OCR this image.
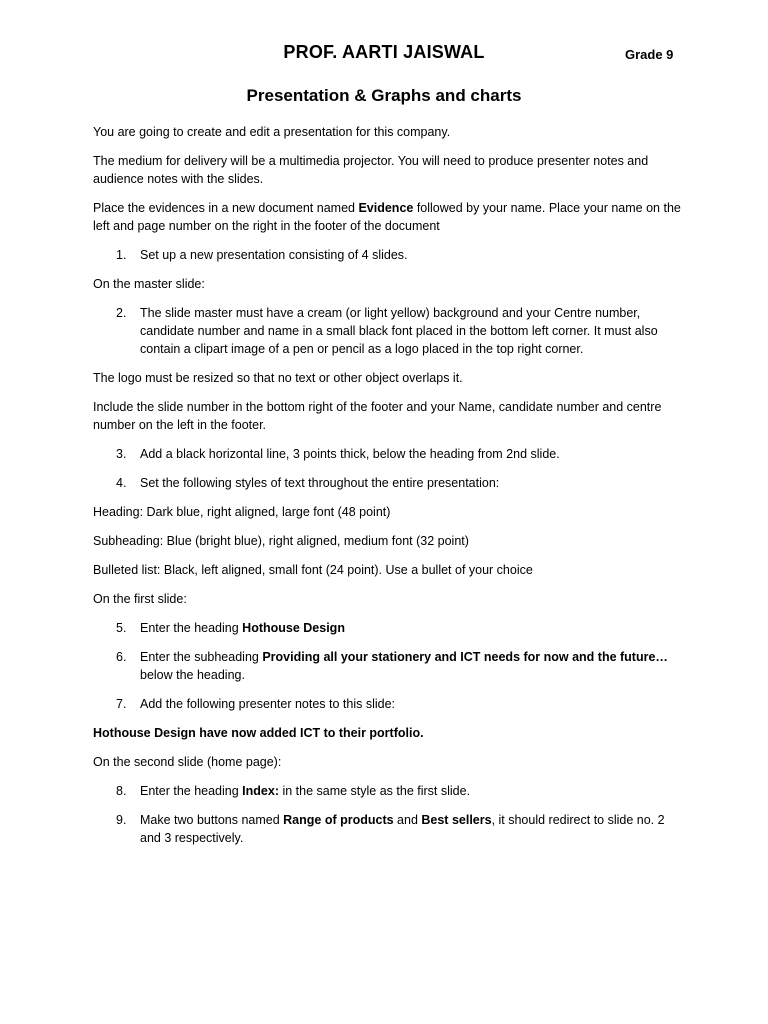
PROF. AARTI JAISWAL	Grade 9
Presentation & Graphs and charts

You are going to create and edit a presentation for this company.

The medium for delivery will be a multimedia projector. You will need to produce presenter notes and audience notes with the slides.

Place the evidences in a new document named Evidence followed by your name. Place your name on the left and page number on the right in the footer of the document

1. Set up a new presentation consisting of 4 slides.

On the master slide:

2. The slide master must have a cream (or light yellow) background and your Centre number, candidate number and name in a small black font placed in the bottom left corner. It must also contain a clipart image of a pen or pencil as a logo placed in the top right corner.

The logo must be resized so that no text or other object overlaps it.

Include the slide number in the bottom right of the footer and your Name, candidate number and centre number on the left in the footer.

3. Add a black horizontal line, 3 points thick, below the heading from 2nd slide.
4. Set the following styles of text throughout the entire presentation:

Heading: Dark blue, right aligned, large font (48 point)

Subheading: Blue (bright blue), right aligned, medium font (32 point)

Bulleted list: Black, left aligned, small font (24 point). Use a bullet of your choice

On the first slide:

5. Enter the heading Hothouse Design
6. Enter the subheading Providing all your stationery and ICT needs for now and the future… below the heading.
7. Add the following presenter notes to this slide:

Hothouse Design have now added ICT to their portfolio.

On the second slide (home page):

8. Enter the heading Index: in the same style as the first slide.
9. Make two buttons named Range of products and Best sellers, it should redirect to slide no. 2 and 3 respectively.
